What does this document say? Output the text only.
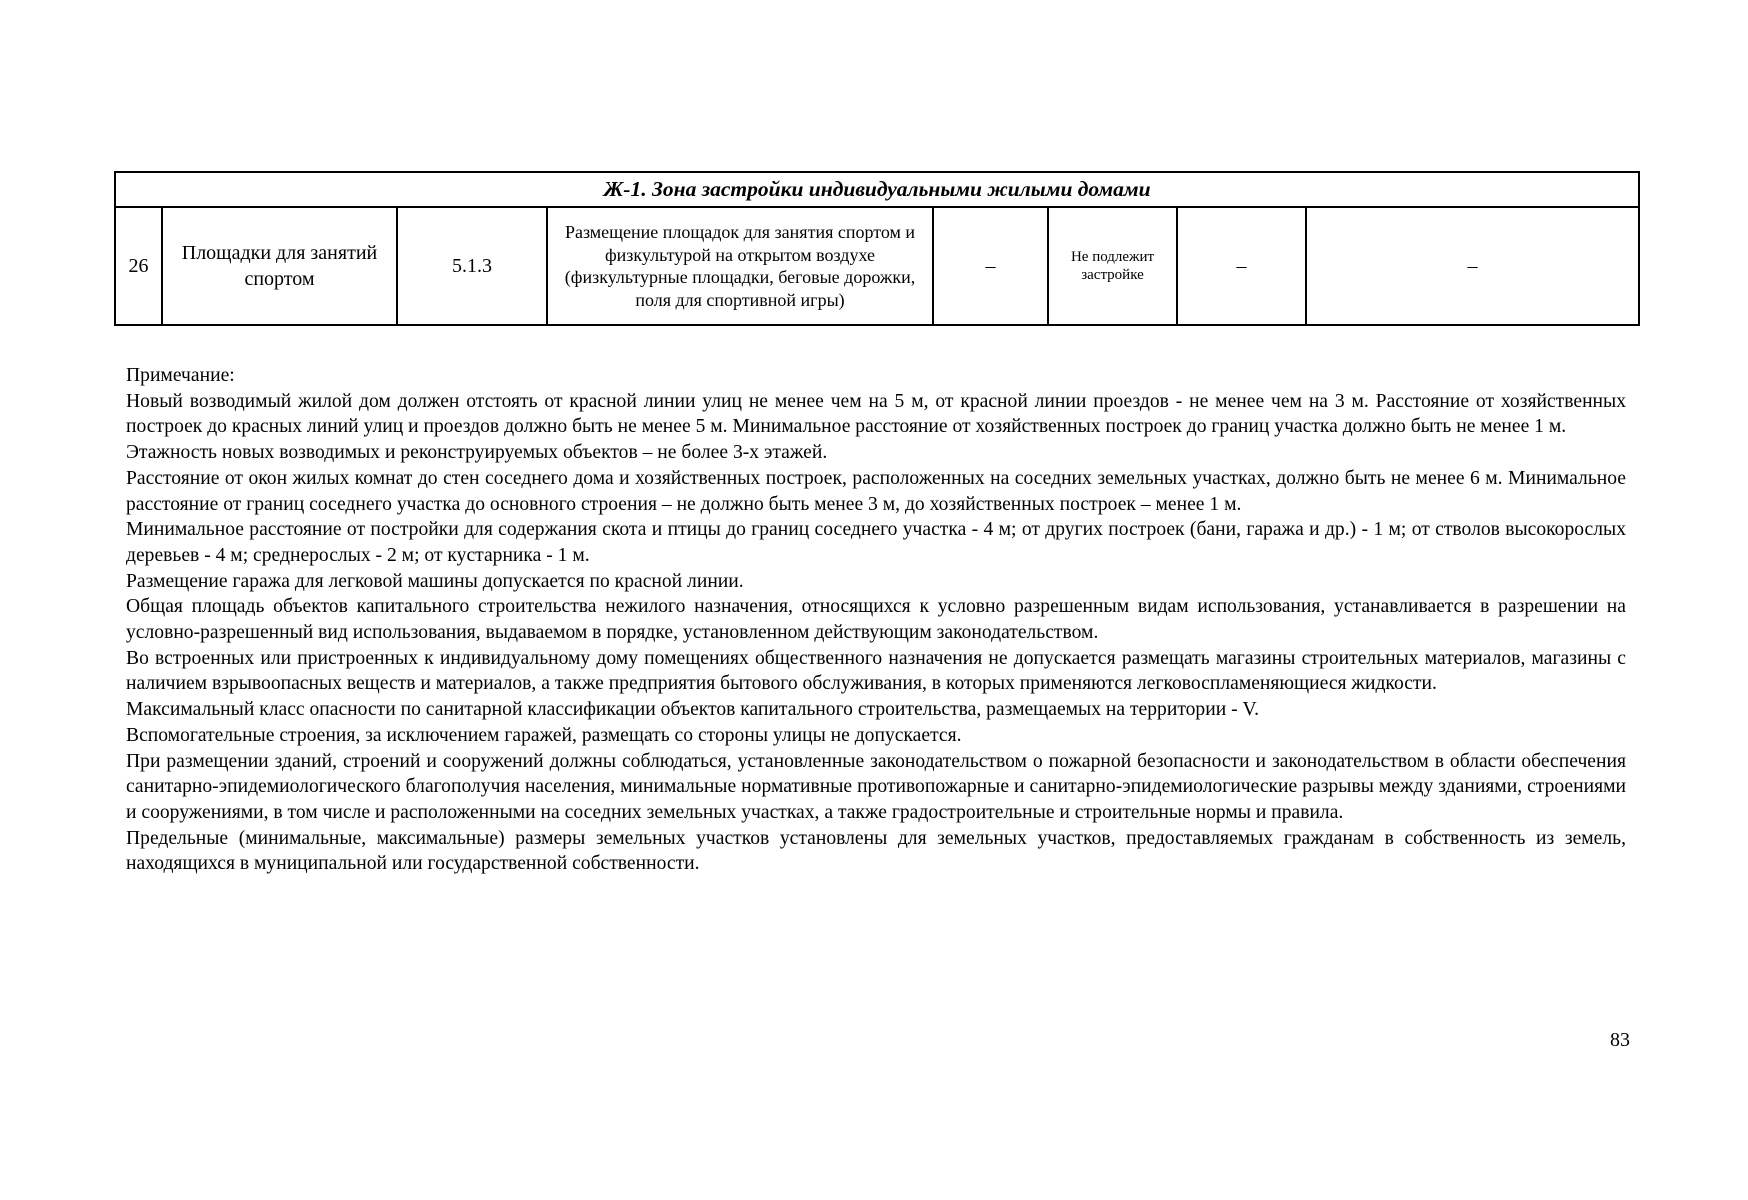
Ж-1. Зона застройки индивидуальными жилыми домами
26	Площадки для занятий спортом	5.1.3	Размещение площадок для занятия спортом и физкультурой на открытом воздухе (физкультурные площадки, беговые дорожки, поля для спортивной игры)	–	Не подлежит застройке	–	–

Примечание:

Новый возводимый жилой дом должен отстоять от красной линии улиц не менее чем на 5 м, от красной линии проездов - не менее чем на 3 м. Расстояние от хозяйственных построек до красных линий улиц и проездов должно быть не менее 5 м. Минимальное расстояние от хозяйственных построек до границ участка должно быть не менее 1 м.

Этажность новых возводимых и реконструируемых объектов – не более 3-х этажей.

Расстояние от окон жилых комнат до стен соседнего дома и хозяйственных построек, расположенных на соседних земельных участках, должно быть не менее 6 м. Минимальное расстояние от границ соседнего участка до основного строения – не должно быть менее 3 м, до хозяйственных построек – менее 1 м.

Минимальное расстояние от постройки для содержания скота и птицы до границ соседнего участка - 4 м; от других построек (бани, гаража и др.) - 1 м; от стволов высокорослых деревьев - 4 м; среднерослых - 2 м; от кустарника - 1 м.

Размещение гаража для легковой машины допускается по красной линии.

Общая площадь объектов капитального строительства нежилого назначения, относящихся к условно разрешенным видам использования, устанавливается в разрешении на условно-разрешенный вид использования, выдаваемом в порядке, установленном действующим законодательством.

Во встроенных или пристроенных к индивидуальному дому помещениях общественного назначения не допускается размещать магазины строительных материалов, магазины с наличием взрывоопасных веществ и материалов, а также предприятия бытового обслуживания, в которых применяются легковоспламеняющиеся жидкости.

Максимальный класс опасности по санитарной классификации объектов капитального строительства, размещаемых на территории - V.

Вспомогательные строения, за исключением гаражей, размещать со стороны улицы не допускается.

При размещении зданий, строений и сооружений должны соблюдаться, установленные законодательством о пожарной безопасности и законодательством в области обеспечения санитарно-эпидемиологического благополучия населения, минимальные нормативные противопожарные и санитарно-эпидемиологические разрывы между зданиями, строениями и сооружениями, в том числе и расположенными на соседних земельных участках, а также градостроительные и строительные нормы и правила.

Предельные (минимальные, максимальные) размеры земельных участков установлены для земельных участков, предоставляемых гражданам в собственность из земель, находящихся в муниципальной или государственной собственности.

83
